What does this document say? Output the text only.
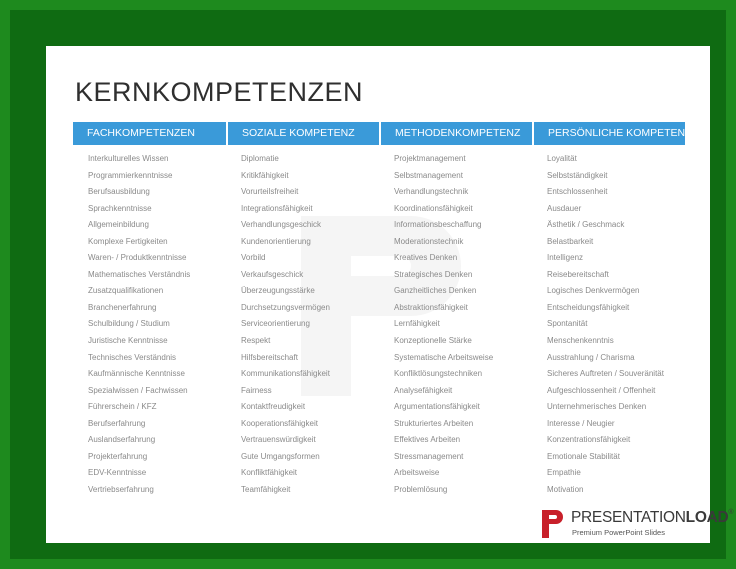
KERNKOMPETENZEN
FACHKOMPETENZEN
Interkulturelles Wissen
Programmierkenntnisse
Berufsausbildung
Sprachkenntnisse
Allgemeinbildung
Komplexe Fertigkeiten
Waren- / Produktkenntnisse
Mathematisches Verständnis
Zusatzqualifikationen
Branchenerfahrung
Schulbildung / Studium
Juristische Kenntnisse
Technisches Verständnis
Kaufmännische Kenntnisse
Spezialwissen / Fachwissen
Führerschein / KFZ
Berufserfahrung
Auslandserfahrung
Projekterfahrung
EDV-Kenntnisse
Vertriebserfahrung
SOZIALE KOMPETENZ
Diplomatie
Kritikfähigkeit
Vorurteilsfreiheit
Integrationsfähigkeit
Verhandlungsgeschick
Kundenorientierung
Vorbild
Verkaufsgeschick
Überzeugungsstärke
Durchsetzungsvermögen
Serviceorientierung
Respekt
Hilfsbereitschaft
Kommunikationsfähigkeit
Fairness
Kontaktfreudigkeit
Kooperationsfähigkeit
Vertrauenswürdigkeit
Gute Umgangsformen
Konfliktfähigkeit
Teamfähigkeit
METHODENKOMPETENZ
Projektmanagement
Selbstmanagement
Verhandlungstechnik
Koordinationsfähigkeit
Informationsbeschaffung
Moderationstechnik
Kreatives Denken
Strategisches Denken
Ganzheitliches Denken
Abstraktionsfähigkeit
Lernfähigkeit
Konzeptionelle Stärke
Systematische Arbeitsweise
Konfliktlösungstechniken
Analysefähigkeit
Argumentationsfähigkeit
Strukturiertes Arbeiten
Effektives Arbeiten
Stressmanagement
Arbeitsweise
Problemlösung
PERSÖNLICHE KOMPETENZ
Loyalität
Selbstständigkeit
Entschlossenheit
Ausdauer
Ästhetik / Geschmack
Belastbarkeit
Intelligenz
Reisebereitschaft
Logisches Denkvermögen
Entscheidungsfähigkeit
Spontanität
Menschenkenntnis
Ausstrahlung / Charisma
Sicheres Auftreten / Souveränität
Aufgeschlossenheit / Offenheit
Unternehmerisches Denken
Interesse / Neugier
Konzentrationsfähigkeit
Emotionale Stabilität
Empathie
Motivation
PRESENTATIONLOAD®
Premium PowerPoint Slides
